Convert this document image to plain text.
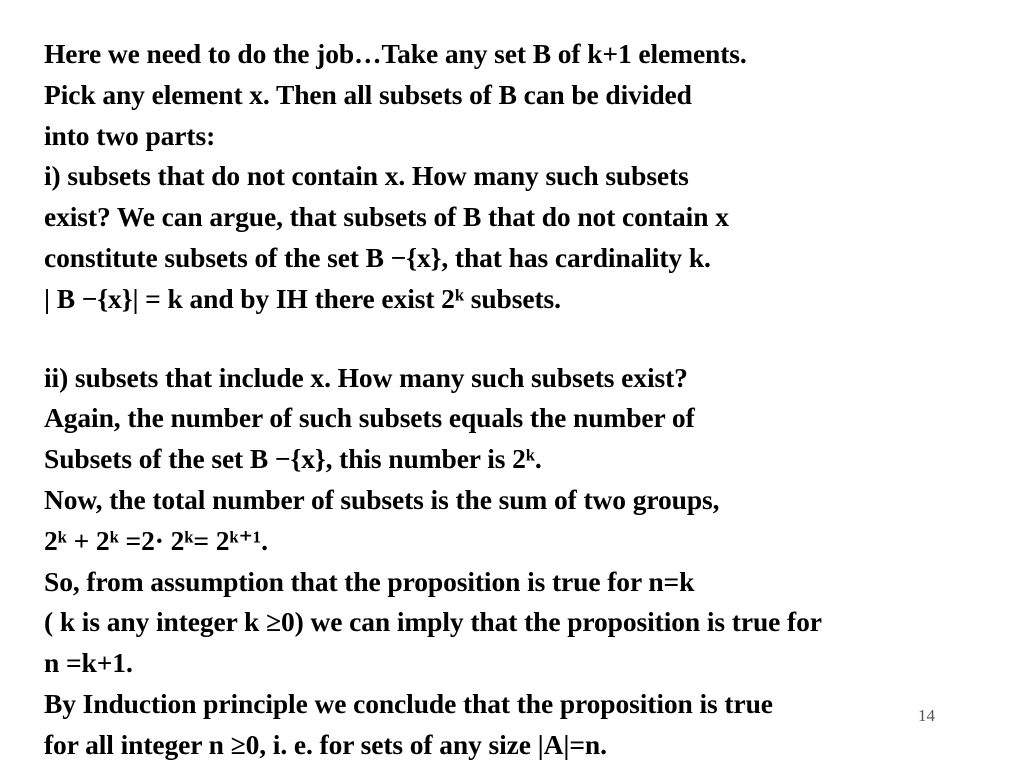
Here we need to do the job…Take any set B of k+1 elements.
Pick any element x. Then all subsets of B can be divided
into two parts:
i) subsets that do not contain x. How many such subsets
exist? We can argue, that subsets of B that do not contain x
constitute subsets of the set B −{x}, that has cardinality k.
| B −{x}| = k and by IH there exist 2ᵏ subsets.
ii) subsets that include x. How many such subsets exist?
Again, the number of such subsets equals the number of
Subsets of the set B −{x}, this number is 2ᵏ.
Now, the total number of subsets is the sum of two groups,
2ᵏ + 2ᵏ =2· 2ᵏ= 2ᵏ⁺¹.
So, from assumption that the proposition is true for n=k
( k is any integer k ≥0) we can imply that the proposition is true for
n =k+1.
By Induction principle we conclude that the proposition is true
for all integer n ≥0, i. e. for sets of any size |A|=n.
14
